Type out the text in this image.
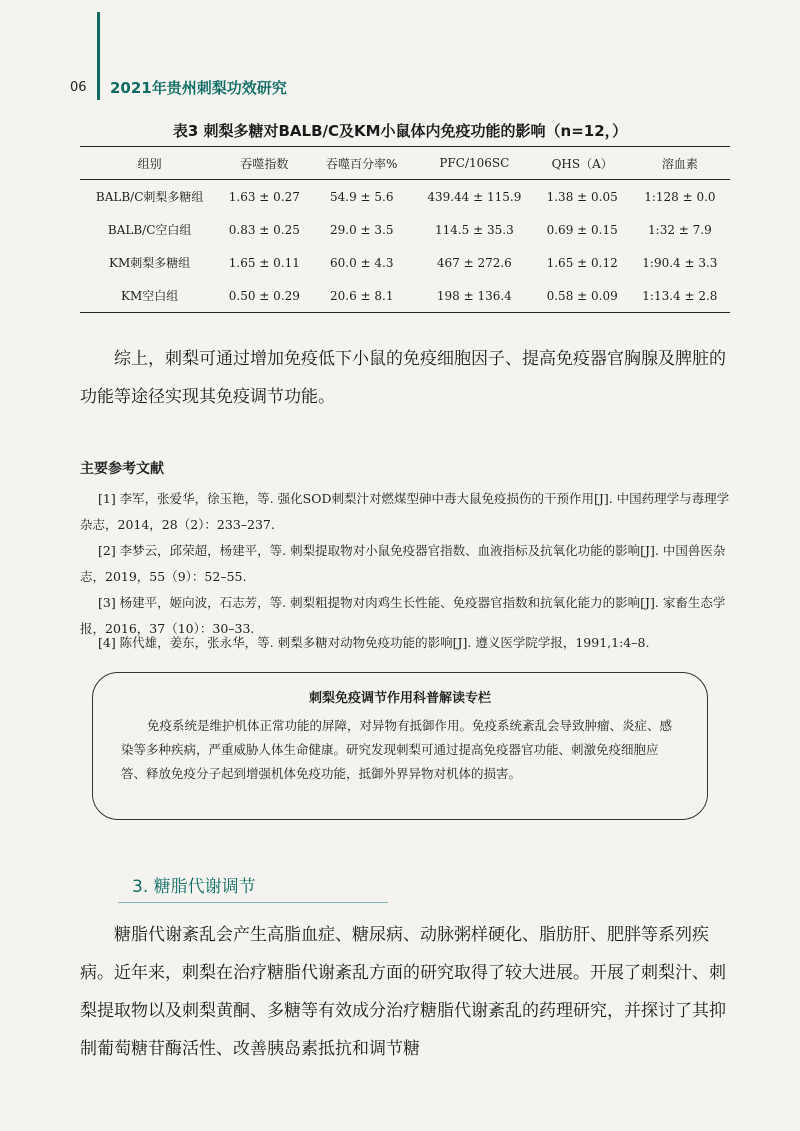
06 2021年贵州刺梨功效研究
表3 刺梨多糖对BALB/C及KM小鼠体内免疫功能的影响（n=12，）
组别	吞噬指数	吞噬百分率%	PFC/106SC	QHS（A）	溶血素
BALB/C刺梨多糖组	1.63 ± 0.27	54.9 ± 5.6	439.44 ± 115.9	1.38 ± 0.05	1:128 ± 0.0
BALB/C空白组	0.83 ± 0.25	29.0 ± 3.5	114.5 ± 35.3	0.69 ± 0.15	1:32 ± 7.9
KM刺梨多糖组	1.65 ± 0.11	60.0 ± 4.3	467 ± 272.6	1.65 ± 0.12	1:90.4 ± 3.3
KM空白组	0.50 ± 0.29	20.6 ± 8.1	198 ± 136.4	0.58 ± 0.09	1:13.4 ± 2.8

综上，刺梨可通过增加免疫低下小鼠的免疫细胞因子、提高免疫器官胸腺及脾脏的功能等途径实现其免疫调节功能。

主要参考文献

[1] 李军，张爱华，徐玉艳，等. 强化SOD刺梨汁对燃煤型砷中毒大鼠免疫损伤的干预作用[J]. 中国药理学与毒理学杂志，2014，28（2）：233–237.

[2] 李梦云，邱荣超，杨建平，等. 刺梨提取物对小鼠免疫器官指数、血液指标及抗氧化功能的影响[J]. 中国兽医杂志，2019，55（9）：52–55.

[3] 杨建平，姬向波，石志芳，等. 刺梨粗提物对肉鸡生长性能、免疫器官指数和抗氧化能力的影响[J]. 家畜生态学报，2016，37（10）：30–33.

[4] 陈代雄，姜东，张永华，等. 刺梨多糖对动物免疫功能的影响[J]. 遵义医学院学报，1991,1:4–8.

刺梨免疫调节作用科普解读专栏

免疫系统是维护机体正常功能的屏障，对异物有抵御作用。免疫系统紊乱会导致肿瘤、炎症、感染等多种疾病，严重威胁人体生命健康。研究发现刺梨可通过提高免疫器官功能、刺激免疫细胞应答、释放免疫分子起到增强机体免疫功能，抵御外界异物对机体的损害。

3. 糖脂代谢调节

糖脂代谢紊乱会产生高脂血症、糖尿病、动脉粥样硬化、脂肪肝、肥胖等系列疾病。近年来，刺梨在治疗糖脂代谢紊乱方面的研究取得了较大进展。开展了刺梨汁、刺梨提取物以及刺梨黄酮、多糖等有效成分治疗糖脂代谢紊乱的药理研究，并探讨了其抑制葡萄糖苷酶活性、改善胰岛素抵抗和调节糖
